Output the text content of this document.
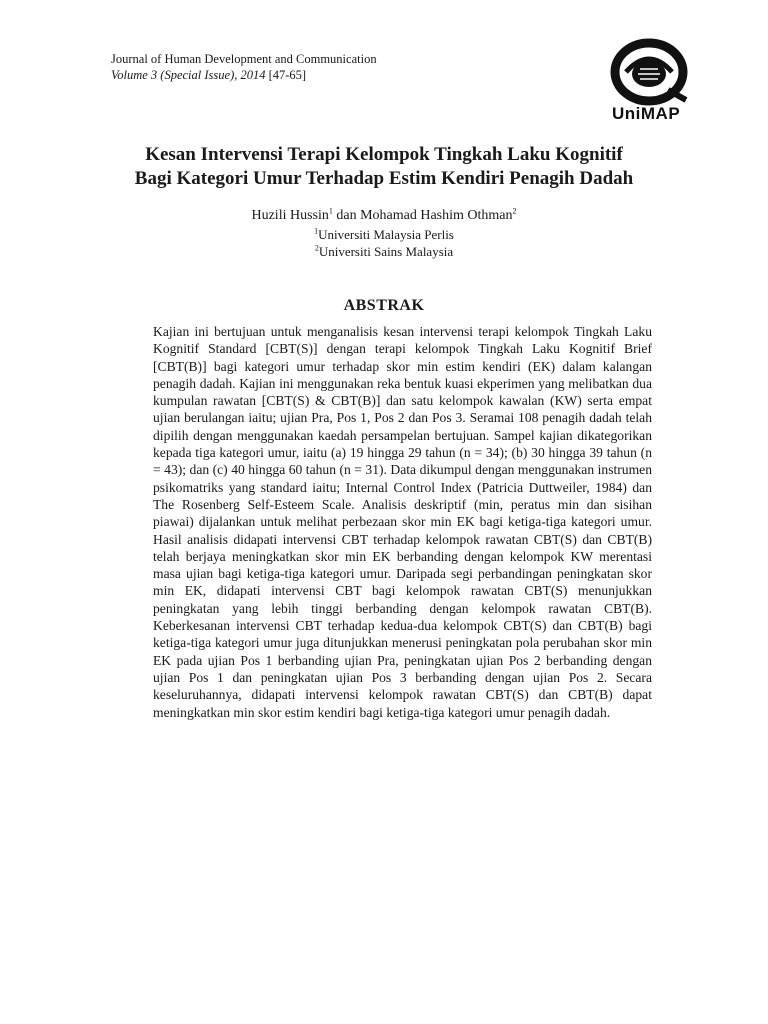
Journal of Human Development and Communication
Volume 3 (Special Issue), 2014 [47-65]
UniMAP
Kesan Intervensi Terapi Kelompok Tingkah Laku Kognitif
Bagi Kategori Umur Terhadap Estim Kendiri Penagih Dadah
Huzili Hussin$^1$ dan Mohamad Hashim Othman$^2$
$^1$Universiti Malaysia Perlis
$^2$Universiti Sains Malaysia
ABSTRAK
Kajian ini bertujuan untuk menganalisis kesan intervensi terapi kelompok Tingkah Laku Kognitif Standard [CBT(S)] dengan terapi kelompok Tingkah Laku Kognitif Brief [CBT(B)] bagi kategori umur terhadap skor min estim kendiri (EK) dalam kalangan penagih dadah. Kajian ini menggunakan reka bentuk kuasi ekperimen yang melibatkan dua kumpulan rawatan [CBT(S) & CBT(B)] dan satu kelompok kawalan (KW) serta empat ujian berulangan iaitu; ujian Pra, Pos 1, Pos 2 dan Pos 3. Seramai 108 penagih dadah telah dipilih dengan menggunakan kaedah persampelan bertujuan. Sampel kajian dikategorikan kepada tiga kategori umur, iaitu (a) 19 hingga 29 tahun (n = 34); (b) 30 hingga 39 tahun (n = 43); dan (c) 40 hingga 60 tahun (n = 31). Data dikumpul dengan menggunakan instrumen psikomatriks yang standard iaitu; Internal Control Index (Patricia Duttweiler, 1984) dan The Rosenberg Self-Esteem Scale. Analisis deskriptif (min, peratus min dan sisihan piawai) dijalankan untuk melihat perbezaan skor min EK bagi ketiga-tiga kategori umur. Hasil analisis didapati intervensi CBT terhadap kelompok rawatan CBT(S) dan CBT(B) telah berjaya meningkatkan skor min EK berbanding dengan kelompok KW merentasi masa ujian bagi ketiga-tiga kategori umur. Daripada segi perbandingan peningkatan skor min EK, didapati intervensi CBT bagi kelompok rawatan CBT(S) menunjukkan peningkatan yang lebih tinggi berbanding dengan kelompok rawatan CBT(B). Keberkesanan intervensi CBT terhadap kedua-dua kelompok CBT(S) dan CBT(B) bagi ketiga-tiga kategori umur juga ditunjukkan menerusi peningkatan pola perubahan skor min EK pada ujian Pos 1 berbanding ujian Pra, peningkatan ujian Pos 2 berbanding dengan ujian Pos 1 dan peningkatan ujian Pos 3 berbanding dengan ujian Pos 2. Secara keseluruhannya, didapati intervensi kelompok rawatan CBT(S) dan CBT(B) dapat meningkatkan min skor estim kendiri bagi ketiga-tiga kategori umur penagih dadah.
